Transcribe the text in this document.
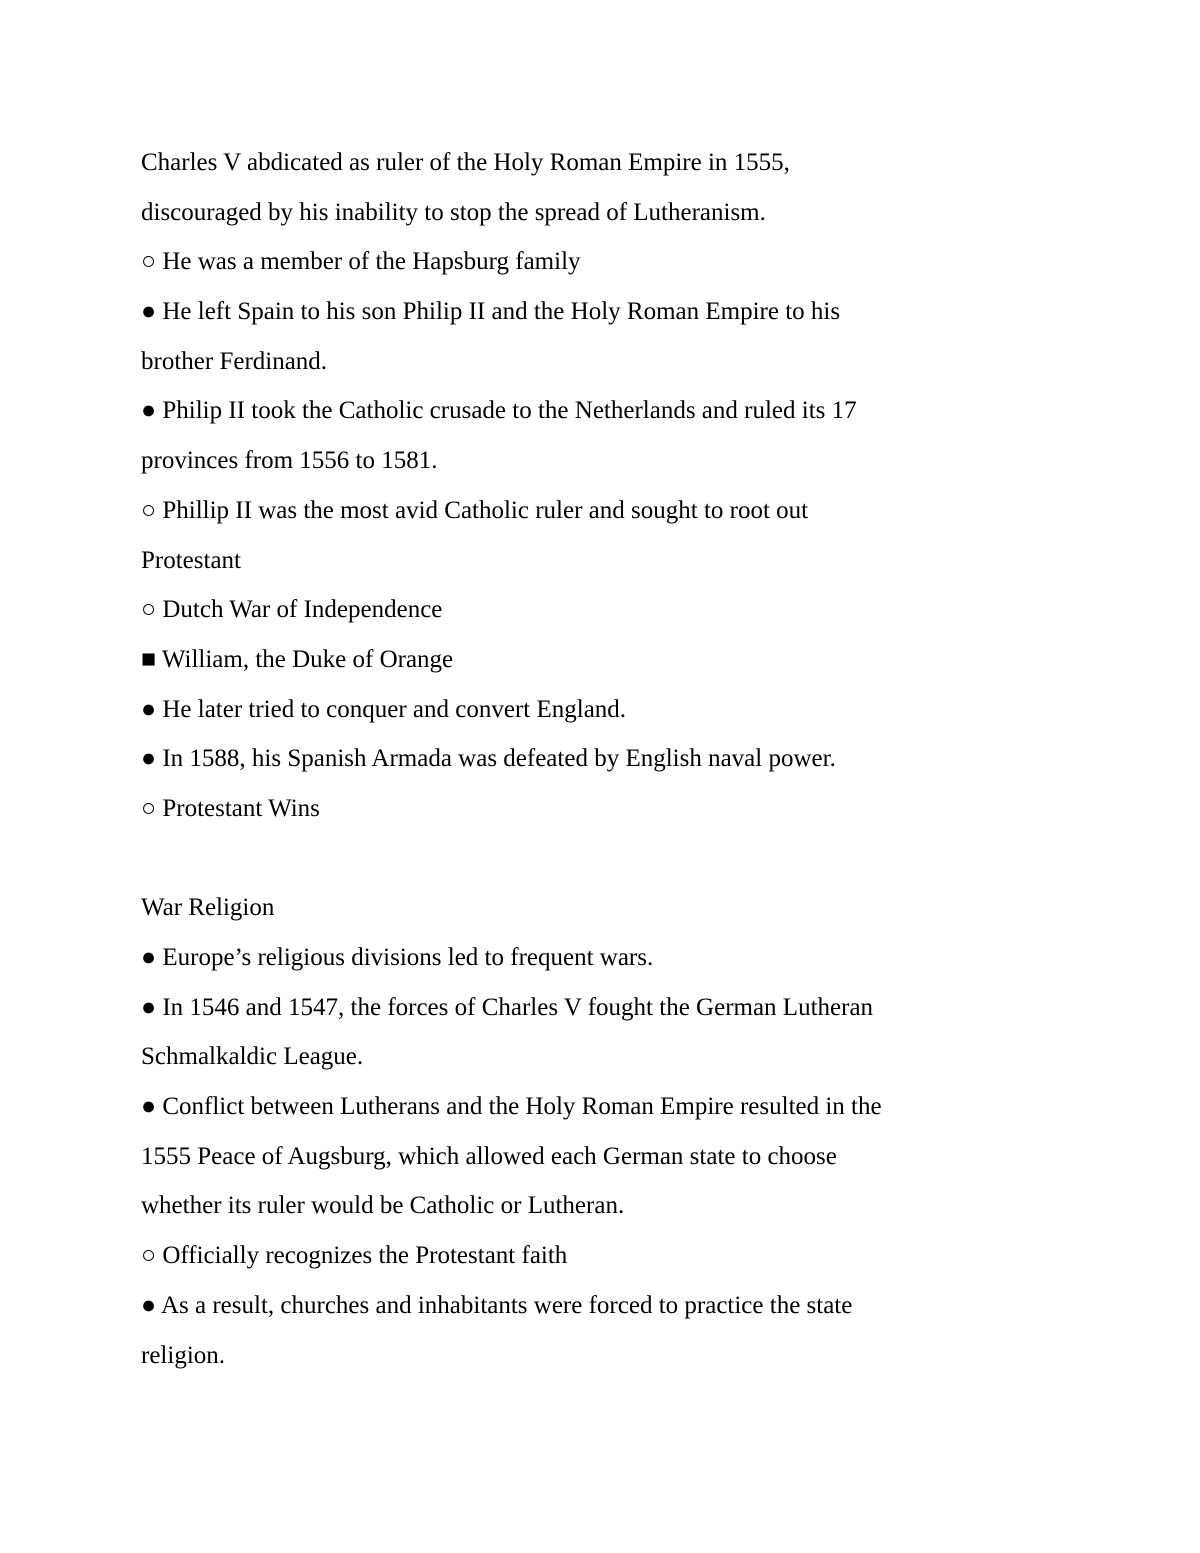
Charles V abdicated as ruler of the Holy Roman Empire in 1555,

discouraged by his inability to stop the spread of Lutheranism.

○ He was a member of the Hapsburg family

● He left Spain to his son Philip II and the Holy Roman Empire to his

brother Ferdinand.

● Philip II took the Catholic crusade to the Netherlands and ruled its 17

provinces from 1556 to 1581.

○ Phillip II was the most avid Catholic ruler and sought to root out

Protestant

○ Dutch War of Independence

■ William, the Duke of Orange

● He later tried to conquer and convert England.

● In 1588, his Spanish Armada was defeated by English naval power.

○ Protestant Wins

War Religion

● Europe’s religious divisions led to frequent wars.

● In 1546 and 1547, the forces of Charles V fought the German Lutheran

Schmalkaldic League.

● Conflict between Lutherans and the Holy Roman Empire resulted in the

1555 Peace of Augsburg, which allowed each German state to choose

whether its ruler would be Catholic or Lutheran.

○ Officially recognizes the Protestant faith

● As a result, churches and inhabitants were forced to practice the state

religion.
